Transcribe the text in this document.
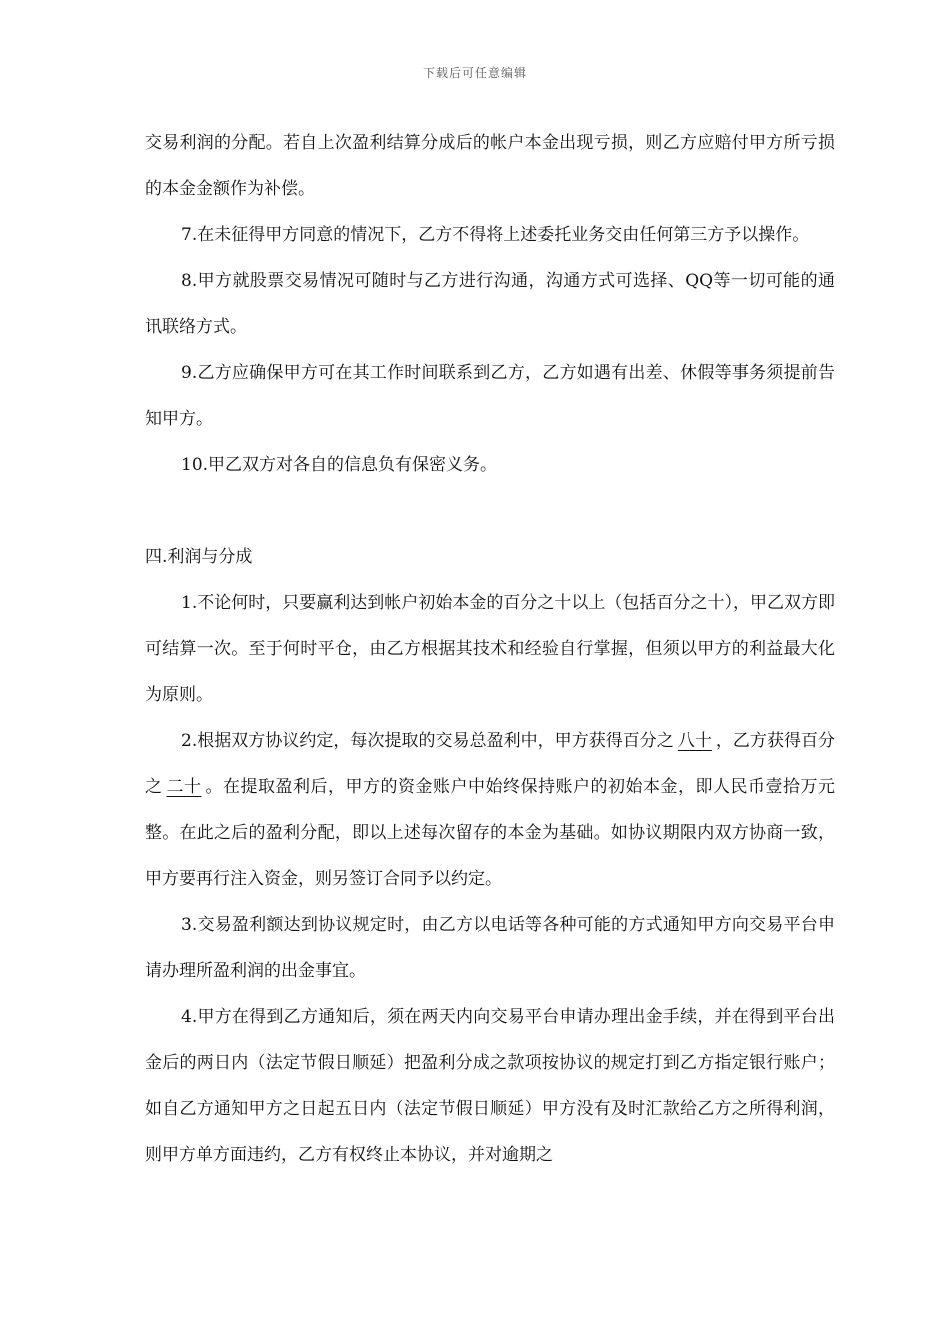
下载后可任意编辑

交易利润的分配。若自上次盈利结算分成后的帐户本金出现亏损，则乙方应赔付甲方所亏损的本金金额作为补偿。

7.在未征得甲方同意的情况下，乙方不得将上述委托业务交由任何第三方予以操作。

8.甲方就股票交易情况可随时与乙方进行沟通，沟通方式可选择、QQ等一切可能的通讯联络方式。

9.乙方应确保甲方可在其工作时间联系到乙方，乙方如遇有出差、休假等事务须提前告知甲方。

10.甲乙双方对各自的信息负有保密义务。

四.利润与分成

1.不论何时，只要赢利达到帐户初始本金的百分之十以上（包括百分之十），甲乙双方即可结算一次。至于何时平仓，由乙方根据其技术和经验自行掌握，但须以甲方的利益最大化为原则。

2.根据双方协议约定，每次提取的交易总盈利中，甲方获得百分之 八十 ，乙方获得百分之 二十 。在提取盈利后，甲方的资金账户中始终保持账户的初始本金，即人民币壹拾万元整。在此之后的盈利分配，即以上述每次留存的本金为基础。如协议期限内双方协商一致，甲方要再行注入资金，则另签订合同予以约定。

3.交易盈利额达到协议规定时，由乙方以电话等各种可能的方式通知甲方向交易平台申请办理所盈利润的出金事宜。

4.甲方在得到乙方通知后，须在两天内向交易平台申请办理出金手续，并在得到平台出金后的两日内（法定节假日顺延）把盈利分成之款项按协议的规定打到乙方指定银行账户；如自乙方通知甲方之日起五日内（法定节假日顺延）甲方没有及时汇款给乙方之所得利润，则甲方单方面违约，乙方有权终止本协议，并对逾期之
